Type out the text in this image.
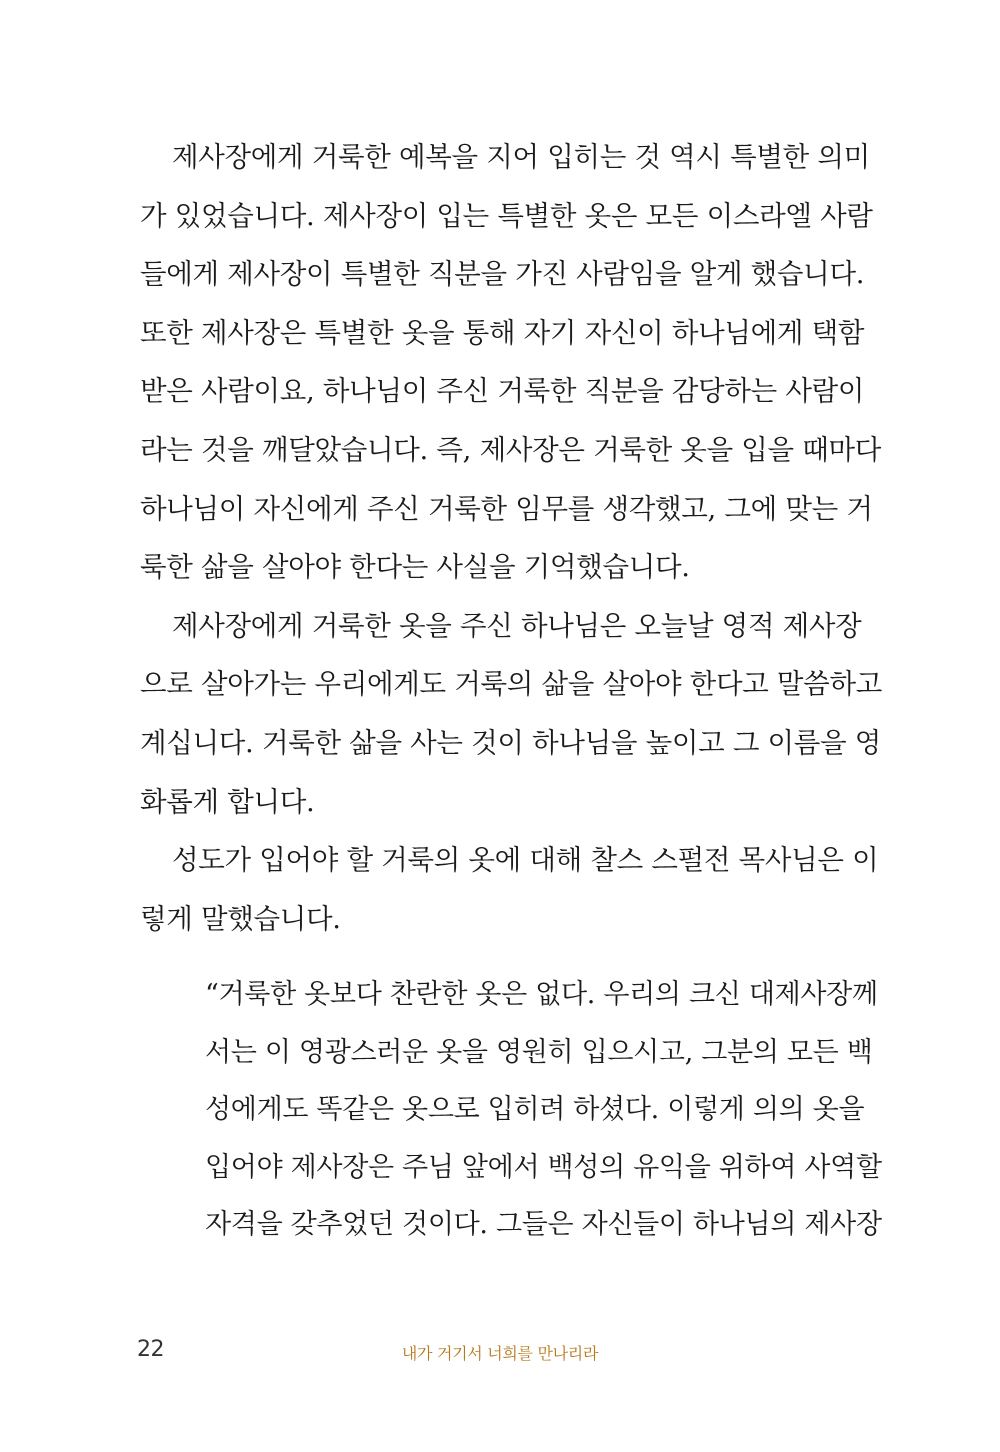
제사장에게 거룩한 예복을 지어 입히는 것 역시 특별한 의미
가 있었습니다. 제사장이 입는 특별한 옷은 모든 이스라엘 사람
들에게 제사장이 특별한 직분을 가진 사람임을 알게 했습니다.
또한 제사장은 특별한 옷을 통해 자기 자신이 하나님에게 택함
받은 사람이요, 하나님이 주신 거룩한 직분을 감당하는 사람이
라는 것을 깨달았습니다. 즉, 제사장은 거룩한 옷을 입을 때마다
하나님이 자신에게 주신 거룩한 임무를 생각했고, 그에 맞는 거
룩한 삶을 살아야 한다는 사실을 기억했습니다.
제사장에게 거룩한 옷을 주신 하나님은 오늘날 영적 제사장
으로 살아가는 우리에게도 거룩의 삶을 살아야 한다고 말씀하고
계십니다. 거룩한 삶을 사는 것이 하나님을 높이고 그 이름을 영
화롭게 합니다.
성도가 입어야 할 거룩의 옷에 대해 찰스 스펄전 목사님은 이
렇게 말했습니다.
“거룩한 옷보다 찬란한 옷은 없다. 우리의 크신 대제사장께
서는 이 영광스러운 옷을 영원히 입으시고, 그분의 모든 백
성에게도 똑같은 옷으로 입히려 하셨다. 이렇게 의의 옷을
입어야 제사장은 주님 앞에서 백성의 유익을 위하여 사역할
자격을 갖추었던 것이다. 그들은 자신들이 하나님의 제사장
22	내가 거기서 너희를 만나리라
